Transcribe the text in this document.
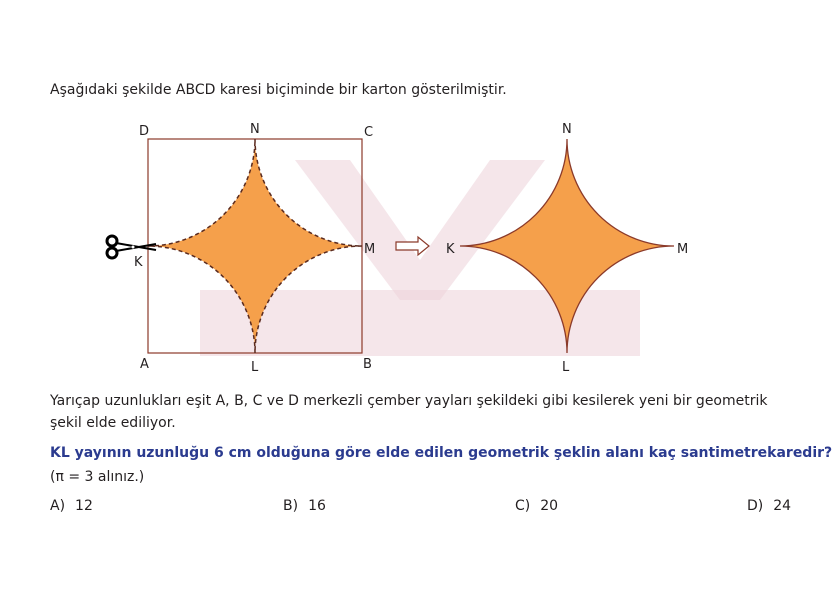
Aşağıdaki şekilde ABCD karesi biçiminde bir karton gösterilmiştir.
D	N	C
K
M
A	L	B
N
K	M
L
Yarıçap uzunlukları eşit A, B, C ve D merkezli çember yayları şekildeki gibi kesilerek yeni bir geometrik şekil elde ediliyor.
KL yayının uzunluğu 6 cm olduğuna göre elde edilen geometrik şeklin alanı kaç santimetrekaredir?
(π = 3 alınız.)
A) 12	B) 16	C) 20	D) 24
